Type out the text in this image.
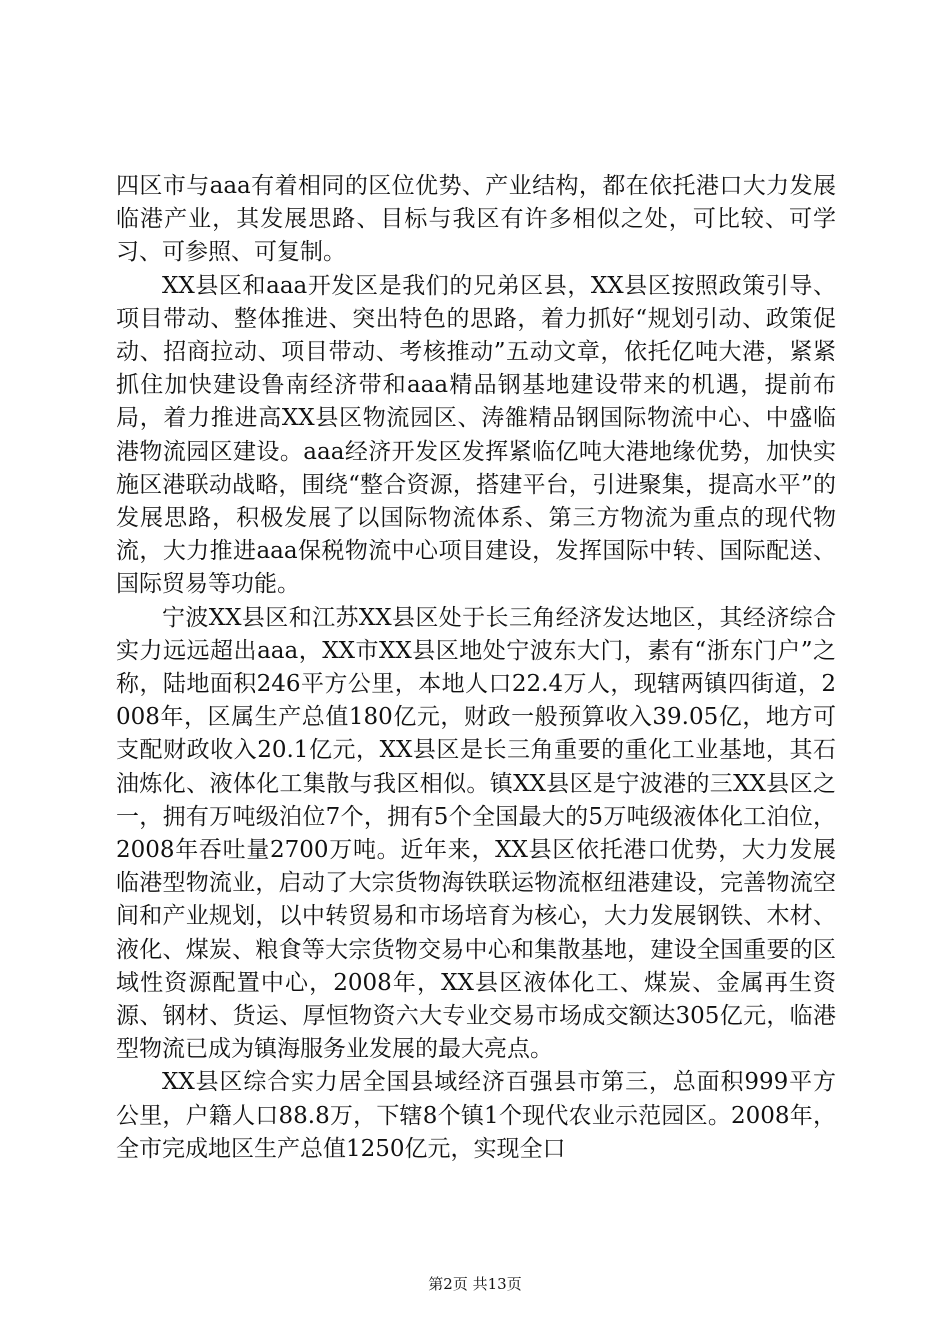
四区市与aaa有着相同的区位优势、产业结构，都在依托港口大力发展临港产业，其发展思路、目标与我区有许多相似之处，可比较、可学习、可参照、可复制。

XX县区和aaa开发区是我们的兄弟区县，XX县区按照政策引导、项目带动、整体推进、突出特色的思路，着力抓好“规划引动、政策促动、招商拉动、项目带动、考核推动”五动文章，依托亿吨大港，紧紧抓住加快建设鲁南经济带和aaa精品钢基地建设带来的机遇，提前布局，着力推进高XX县区物流园区、涛雒精品钢国际物流中心、中盛临港物流园区建设。aaa经济开发区发挥紧临亿吨大港地缘优势，加快实施区港联动战略，围绕“整合资源，搭建平台，引进聚集，提高水平”的发展思路，积极发展了以国际物流体系、第三方物流为重点的现代物流，大力推进aaa保税物流中心项目建设，发挥国际中转、国际配送、国际贸易等功能。

宁波XX县区和江苏XX县区处于长三角经济发达地区，其经济综合实力远远超出aaa，XX市XX县区地处宁波东大门，素有“浙东门户”之称，陆地面积246平方公里，本地人口22.4万人，现辖两镇四街道，2008年，区属生产总值180亿元，财政一般预算收入39.05亿，地方可支配财政收入20.1亿元，XX县区是长三角重要的重化工业基地，其石油炼化、液体化工集散与我区相似。镇XX县区是宁波港的三XX县区之一，拥有万吨级泊位7个，拥有5个全国最大的5万吨级液体化工泊位，2008年吞吐量2700万吨。近年来，XX县区依托港口优势，大力发展临港型物流业，启动了大宗货物海铁联运物流枢纽港建设，完善物流空间和产业规划，以中转贸易和市场培育为核心，大力发展钢铁、木材、液化、煤炭、粮食等大宗货物交易中心和集散基地，建设全国重要的区域性资源配置中心，2008年，XX县区液体化工、煤炭、金属再生资源、钢材、货运、厚恒物资六大专业交易市场成交额达305亿元，临港型物流已成为镇海服务业发展的最大亮点。

XX县区综合实力居全国县域经济百强县市第三，总面积999平方公里，户籍人口88.8万，下辖8个镇1个现代农业示范园区。2008年，全市完成地区生产总值1250亿元，实现全口

第2页 共13页
